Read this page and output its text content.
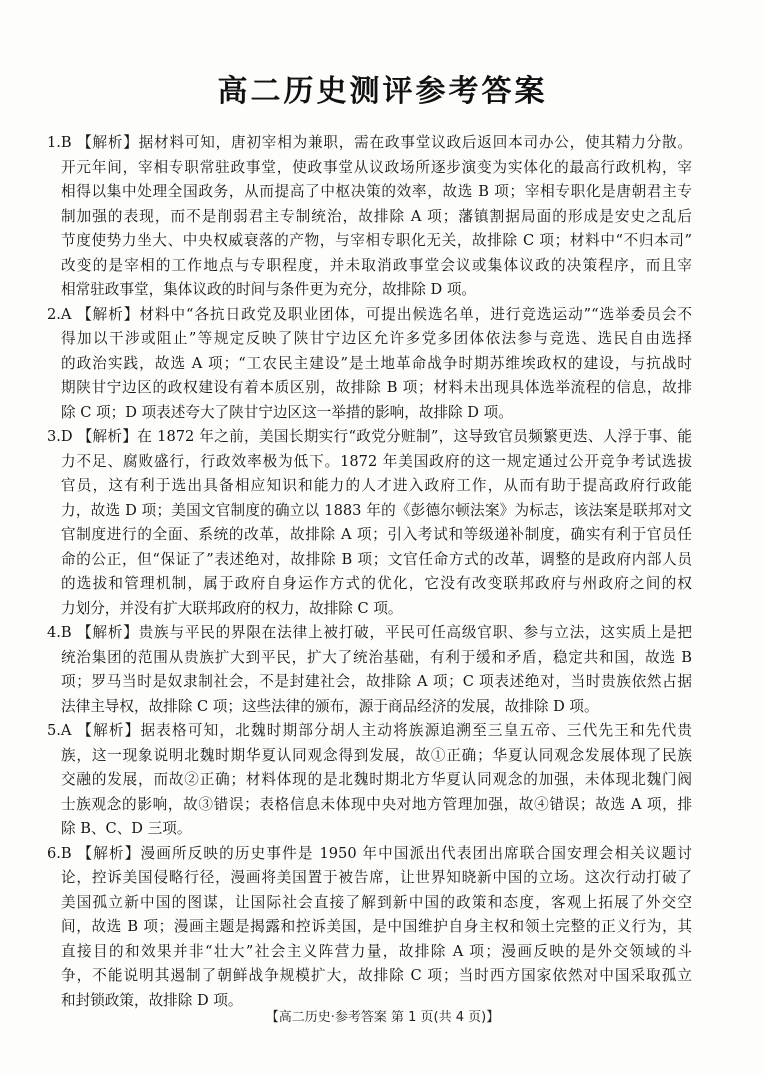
高二历史测评参考答案
1.B 【解析】据材料可知，唐初宰相为兼职，需在政事堂议政后返回本司办公，使其精力分散。
开元年间，宰相专职常驻政事堂，使政事堂从议政场所逐步演变为实体化的最高行政机构，宰
相得以集中处理全国政务，从而提高了中枢决策的效率，故选 B 项；宰相专职化是唐朝君主专
制加强的表现，而不是削弱君主专制统治，故排除 A 项；藩镇割据局面的形成是安史之乱后
节度使势力坐大、中央权威衰落的产物，与宰相专职化无关，故排除 C 项；材料中“不归本司”
改变的是宰相的工作地点与专职程度，并未取消政事堂会议或集体议政的决策程序，而且宰
相常驻政事堂，集体议政的时间与条件更为充分，故排除 D 项。
2.A 【解析】材料中“各抗日政党及职业团体，可提出候选名单，进行竞选运动”“选举委员会不
得加以干涉或阻止”等规定反映了陕甘宁边区允许多党多团体依法参与竞选、选民自由选择
的政治实践，故选 A 项；“工农民主建设”是土地革命战争时期苏维埃政权的建设，与抗战时
期陕甘宁边区的政权建设有着本质区别，故排除 B 项；材料未出现具体选举流程的信息，故排
除 C 项；D 项表述夸大了陕甘宁边区这一举措的影响，故排除 D 项。
3.D 【解析】在 1872 年之前，美国长期实行“政党分赃制”，这导致官员频繁更迭、人浮于事、能
力不足、腐败盛行，行政效率极为低下。1872 年美国政府的这一规定通过公开竞争考试选拔
官员，这有利于选出具备相应知识和能力的人才进入政府工作，从而有助于提高政府行政能
力，故选 D 项；美国文官制度的确立以 1883 年的《彭德尔顿法案》为标志，该法案是联邦对文
官制度进行的全面、系统的改革，故排除 A 项；引入考试和等级递补制度，确实有利于官员任
命的公正，但“保证了”表述绝对，故排除 B 项；文官任命方式的改革，调整的是政府内部人员
的选拔和管理机制，属于政府自身运作方式的优化，它没有改变联邦政府与州政府之间的权
力划分，并没有扩大联邦政府的权力，故排除 C 项。
4.B 【解析】贵族与平民的界限在法律上被打破，平民可任高级官职、参与立法，这实质上是把
统治集团的范围从贵族扩大到平民，扩大了统治基础，有利于缓和矛盾，稳定共和国，故选 B
项；罗马当时是奴隶制社会，不是封建社会，故排除 A 项；C 项表述绝对，当时贵族依然占据
法律主导权，故排除 C 项；这些法律的颁布，源于商品经济的发展，故排除 D 项。
5.A 【解析】据表格可知，北魏时期部分胡人主动将族源追溯至三皇五帝、三代先王和先代贵
族，这一现象说明北魏时期华夏认同观念得到发展，故①正确；华夏认同观念发展体现了民族
交融的发展，而故②正确；材料体现的是北魏时期北方华夏认同观念的加强，未体现北魏门阀
士族观念的影响，故③错误；表格信息未体现中央对地方管理加强，故④错误；故选 A 项，排
除 B、C、D 三项。
6.B 【解析】漫画所反映的历史事件是 1950 年中国派出代表团出席联合国安理会相关议题讨
论，控诉美国侵略行径，漫画将美国置于被告席，让世界知晓新中国的立场。这次行动打破了
美国孤立新中国的图谋，让国际社会直接了解到新中国的政策和态度，客观上拓展了外交空
间，故选 B 项；漫画主题是揭露和控诉美国，是中国维护自身主权和领土完整的正义行为，其
直接目的和效果并非“壮大”社会主义阵营力量，故排除 A 项；漫画反映的是外交领域的斗
争，不能说明其遏制了朝鲜战争规模扩大，故排除 C 项；当时西方国家依然对中国采取孤立
和封锁政策，故排除 D 项。
【高二历史·参考答案 第 1 页(共 4 页)】
